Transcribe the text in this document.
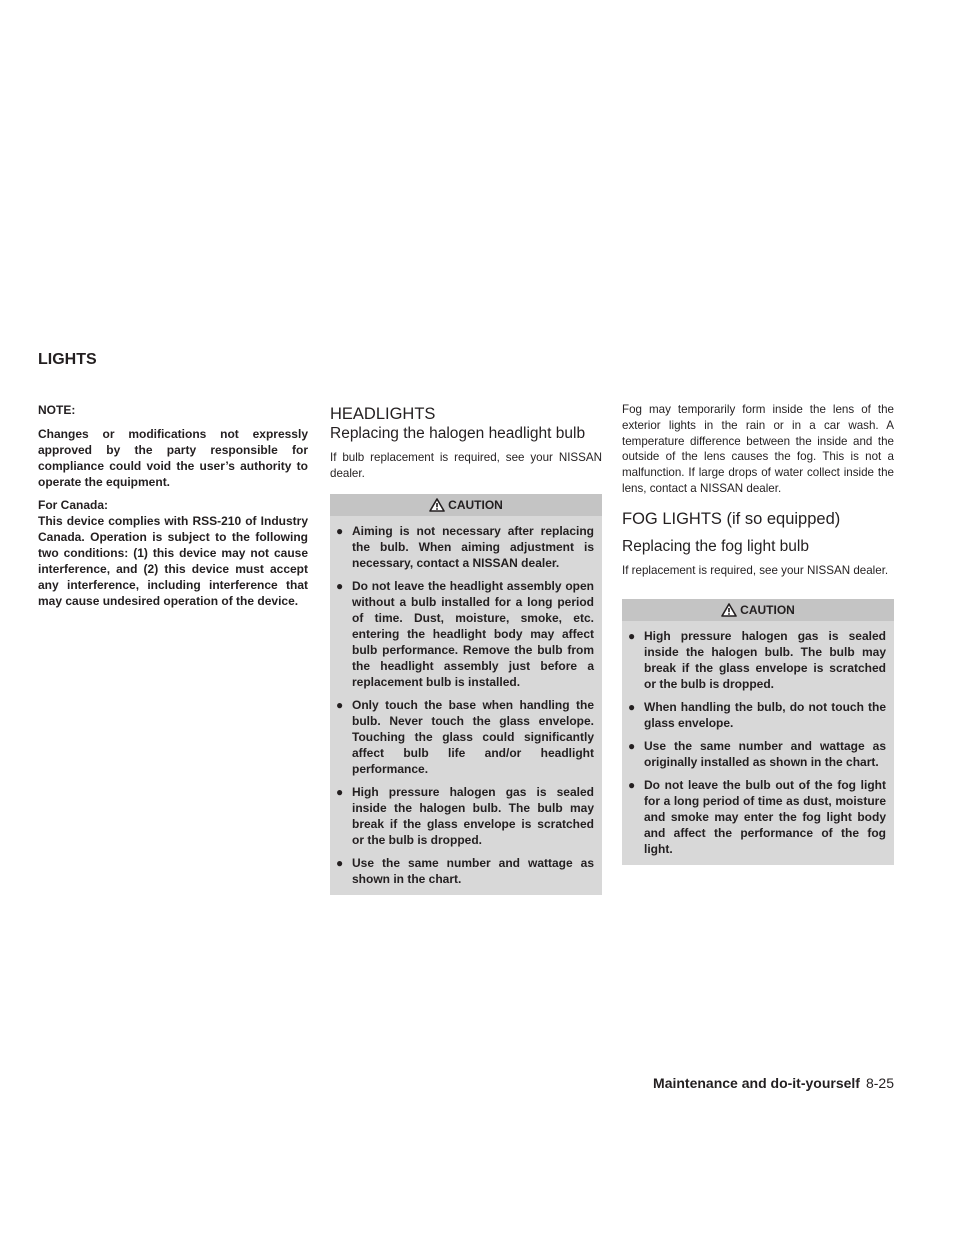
LIGHTS

NOTE:

Changes or modifications not expressly approved by the party responsible for compliance could void the user’s authority to operate the equipment.

For Canada:

This device complies with RSS-210 of Industry Canada. Operation is subject to the following two conditions: (1) this device may not cause interference, and (2) this device must accept any interference, including interference that may cause undesired operation of the device.

HEADLIGHTS
Replacing the halogen headlight bulb

If bulb replacement is required, see your NISSAN dealer.

CAUTION
● Aiming is not necessary after replacing the bulb. When aiming adjustment is necessary, contact a NISSAN dealer.
● Do not leave the headlight assembly open without a bulb installed for a long period of time. Dust, moisture, smoke, etc. entering the headlight body may affect bulb performance. Remove the bulb from the headlight assembly just before a replacement bulb is installed.
● Only touch the base when handling the bulb. Never touch the glass envelope. Touching the glass could significantly affect bulb life and/or headlight performance.
● High pressure halogen gas is sealed inside the halogen bulb. The bulb may break if the glass envelope is scratched or the bulb is dropped.
● Use the same number and wattage as shown in the chart.

Fog may temporarily form inside the lens of the exterior lights in the rain or in a car wash. A temperature difference between the inside and the outside of the lens causes the fog. This is not a malfunction. If large drops of water collect inside the lens, contact a NISSAN dealer.

FOG LIGHTS (if so equipped)
Replacing the fog light bulb

If replacement is required, see your NISSAN dealer.

CAUTION
● High pressure halogen gas is sealed inside the halogen bulb. The bulb may break if the glass envelope is scratched or the bulb is dropped.
● When handling the bulb, do not touch the glass envelope.
● Use the same number and wattage as originally installed as shown in the chart.
● Do not leave the bulb out of the fog light for a long period of time as dust, moisture and smoke may enter the fog light body and affect the performance of the fog light.

Maintenance and do-it-yourself 8-25
